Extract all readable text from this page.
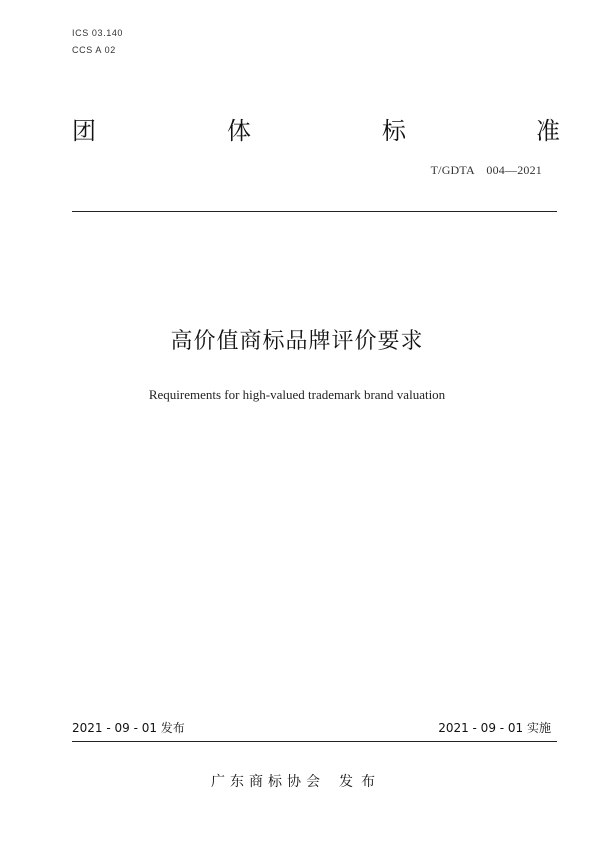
ICS 03.140

CCS A 02

团	体	标	准

T/GDTA　004—2021

高价值商标品牌评价要求

Requirements for high-valued trademark brand valuation

2021 - 09 - 01 发布	2021 - 09 - 01 实施

广东商标协会 发布
